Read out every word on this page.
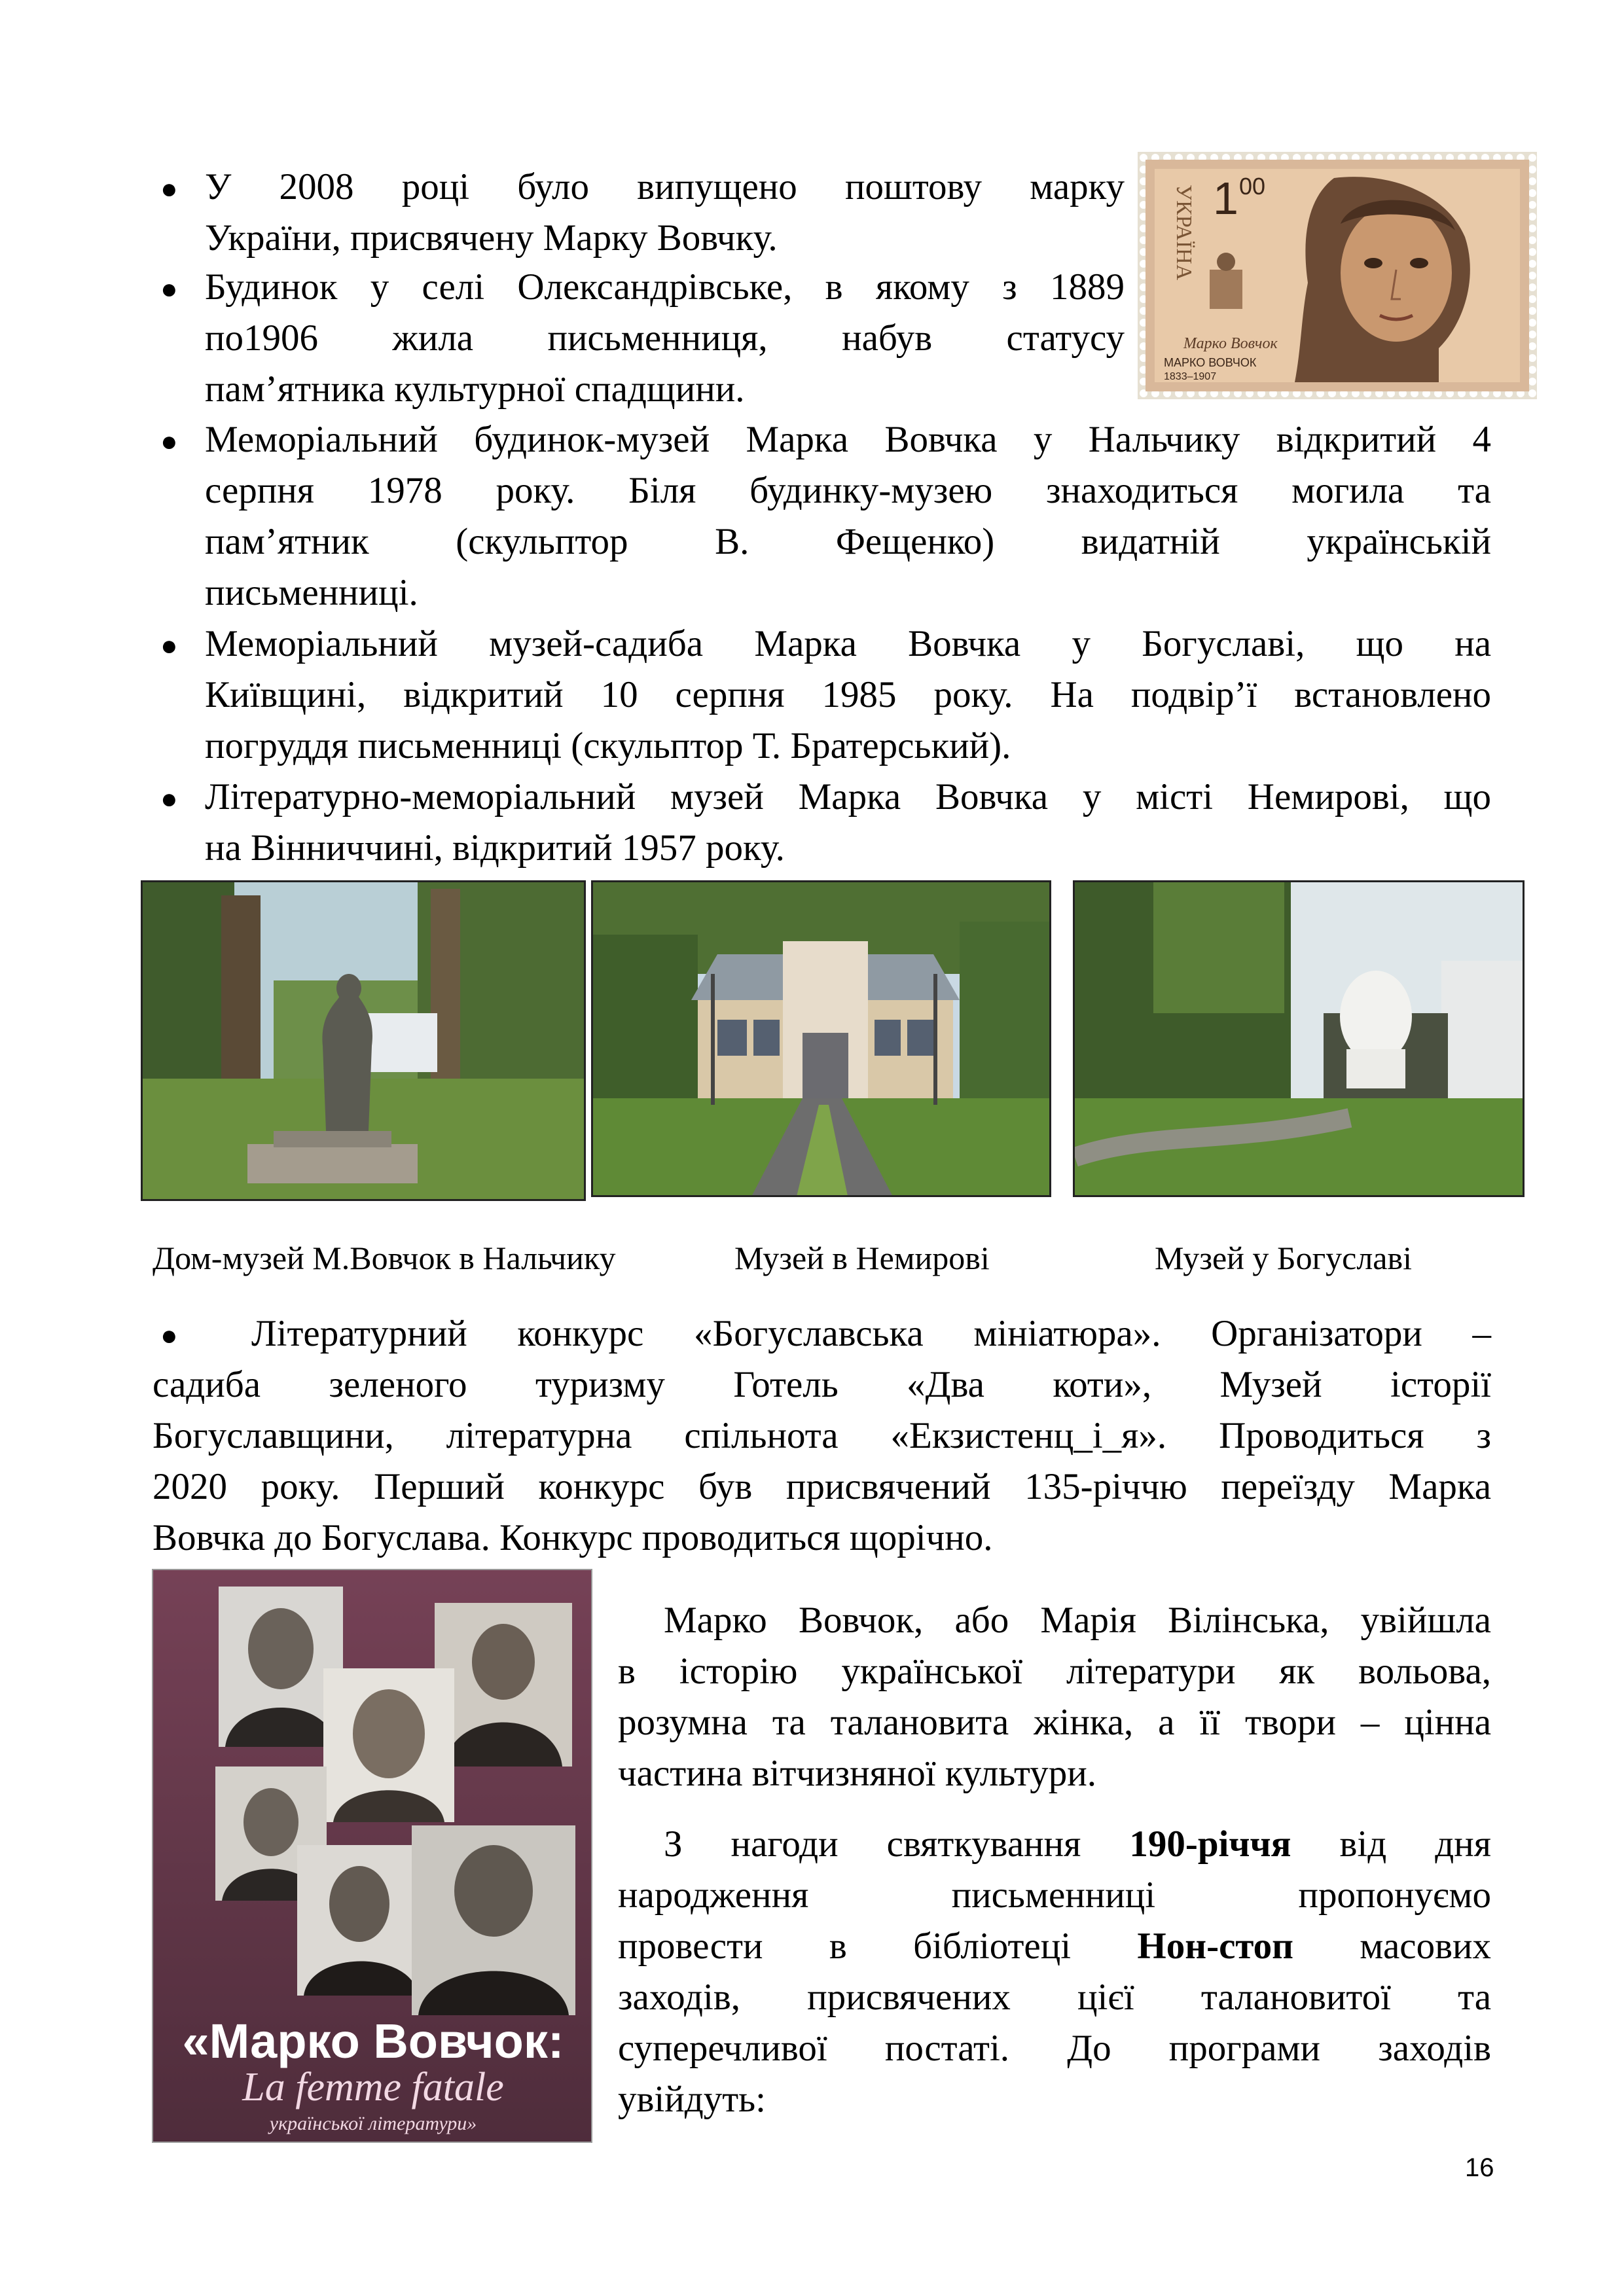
● У 2008 році було випущено поштову марку
України, присвячену Марку Вовчку.
● Будинок у селі Олександрівське, в якому з 1889
по1906 жила письменниця, набув статусу
пам’ятника культурної спадщини.
УКРАЇНА 1 00
Марко Вовчок
МАРКО ВОВЧОК
1833–1907
● Меморіальний будинок-музей Марка Вовчка у Нальчику відкритий 4
серпня 1978 року. Біля будинку-музею знаходиться могила та
пам’ятник (скульптор В. Фещенко) видатній українській
письменниці.
● Меморіальний музей-садиба Марка Вовчка у Богуславі, що на
Київщині, відкритий 10 серпня 1985 року. На подвір’ї встановлено
погруддя письменниці (скульптор Т. Братерський).
● Літературно-меморіальний музей Марка Вовчка у місті Немирові, що
на Вінниччині, відкритий 1957 року.
Дом-музей М.Вовчок в Нальчику	Музей в Немирові	Музей у Богуславі
● Літературний конкурс «Богуславська мініатюра». Організатори –
садиба зеленого туризму Готель «Два коти», Музей історії
Богуславщини, літературна спільнота «Екзистенц_і_я». Проводиться з
2020 року. Перший конкурс був присвячений 135-річчю переїзду Марка
Вовчка до Богуслава. Конкурс проводиться щорічно.
«Марко Вовчок:
La femme fatale
української літератури»
Марко Вовчок, або Марія Вілінська, увійшла
в історію української літератури як вольова,
розумна та талановита жінка, а її твори – цінна
частина вітчизняної культури.
З нагоди святкування 190-річчя від дня
народження письменниці пропонуємо
провести в бібліотеці Нон-стоп масових
заходів, присвячених цієї талановитої та
суперечливої постаті. До програми заходів
увійдуть:
16
